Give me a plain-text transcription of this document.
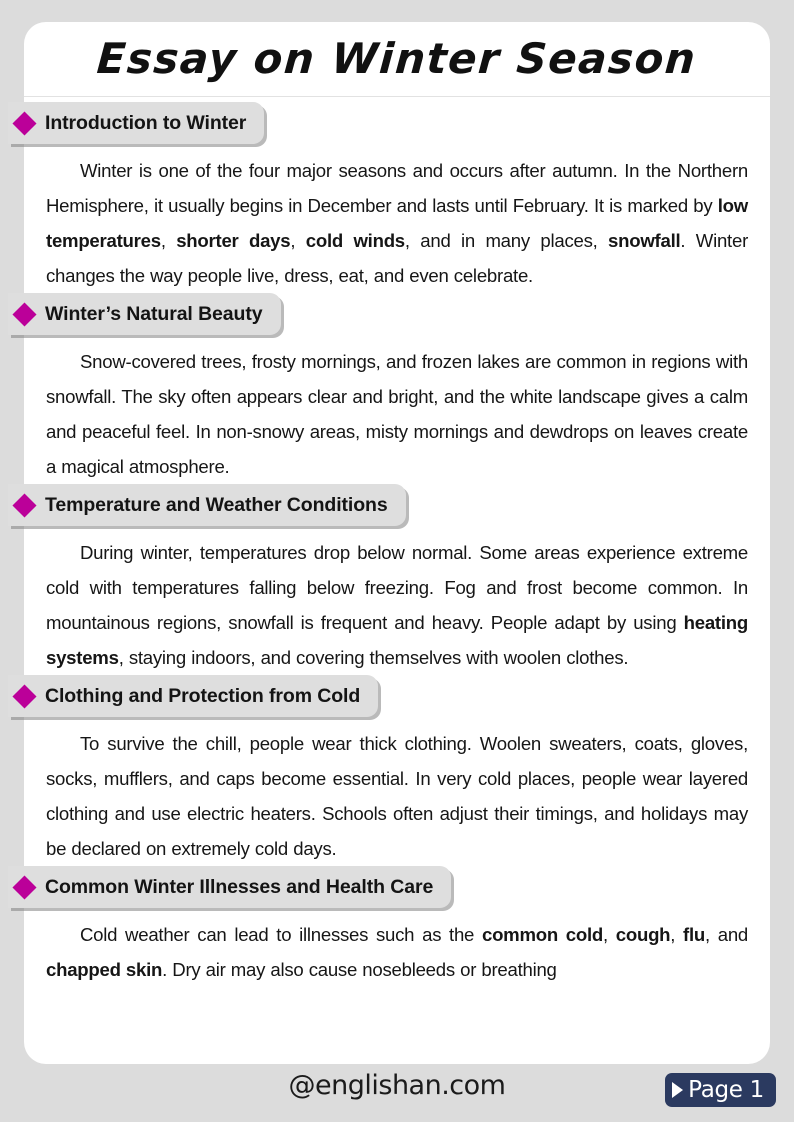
Essay on Winter Season
Introduction to Winter

Winter is one of the four major seasons and occurs after autumn. In the Northern Hemisphere, it usually begins in December and lasts until February. It is marked by low temperatures, shorter days, cold winds, and in many places, snowfall. Winter changes the way people live, dress, eat, and even celebrate.

Winter’s Natural Beauty

Snow-covered trees, frosty mornings, and frozen lakes are common in regions with snowfall. The sky often appears clear and bright, and the white landscape gives a calm and peaceful feel. In non-snowy areas, misty mornings and dewdrops on leaves create a magical atmosphere.

Temperature and Weather Conditions

During winter, temperatures drop below normal. Some areas experience extreme cold with temperatures falling below freezing. Fog and frost become common. In mountainous regions, snowfall is frequent and heavy. People adapt by using heating systems, staying indoors, and covering themselves with woolen clothes.

Clothing and Protection from Cold

To survive the chill, people wear thick clothing. Woolen sweaters, coats, gloves, socks, mufflers, and caps become essential. In very cold places, people wear layered clothing and use electric heaters. Schools often adjust their timings, and holidays may be declared on extremely cold days.

Common Winter Illnesses and Health Care

Cold weather can lead to illnesses such as the common cold, cough, flu, and chapped skin. Dry air may also cause nosebleeds or breathing

@englishan.com	Page 1
